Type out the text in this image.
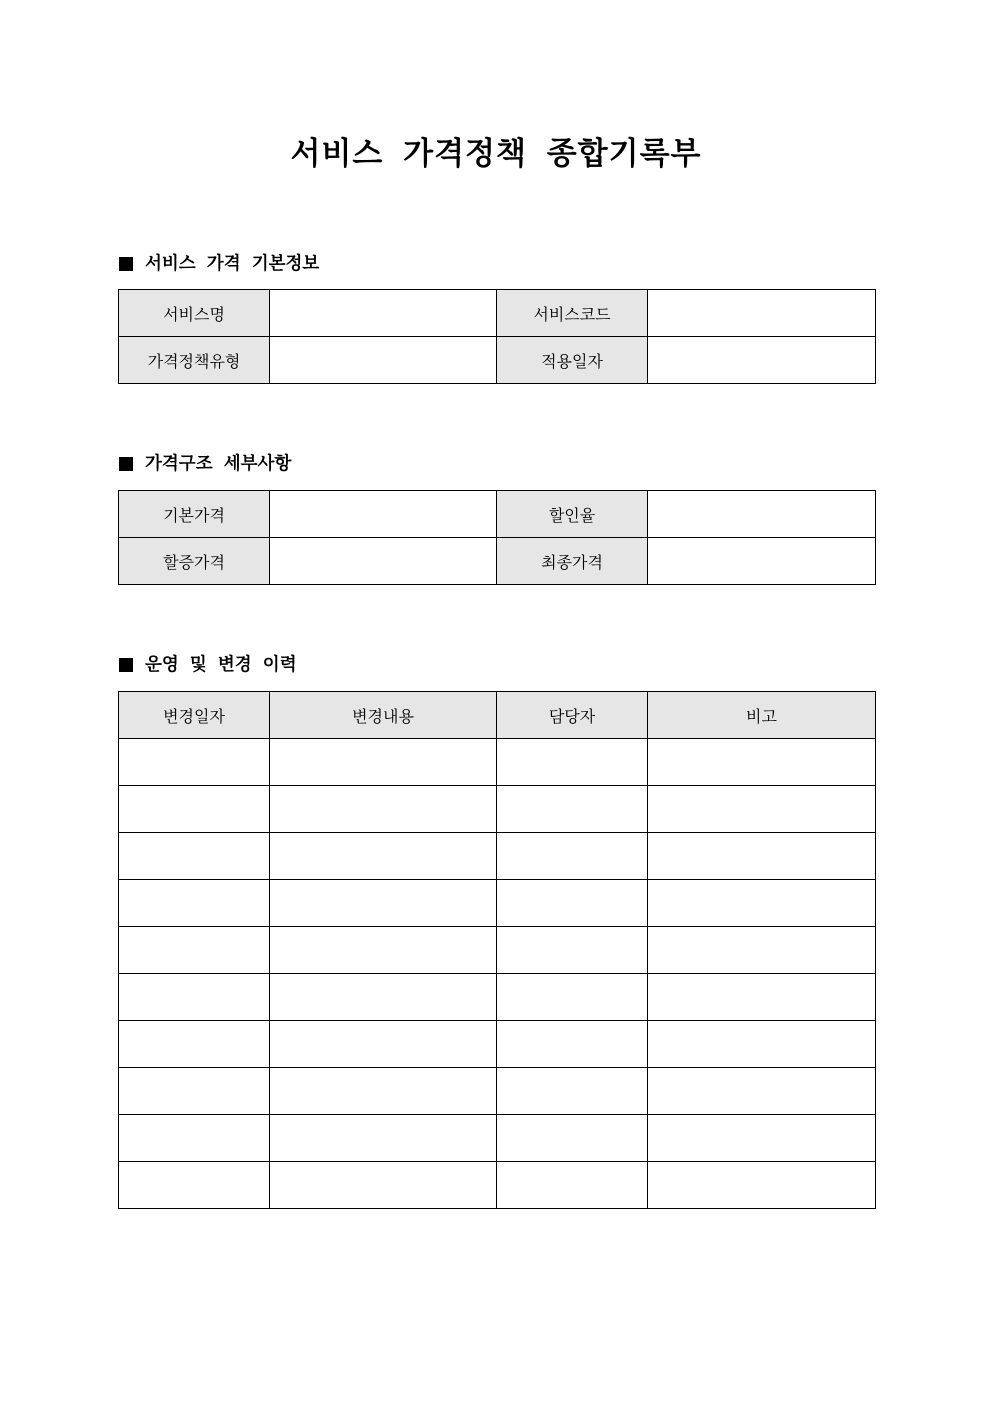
서비스 가격정책 종합기록부
서비스 가격 기본정보
서비스명		서비스코드	
가격정책유형		적용일자	
가격구조 세부사항
기본가격		할인율	
할증가격		최종가격	
운영 및 변경 이력
변경일자	변경내용	담당자	비고
